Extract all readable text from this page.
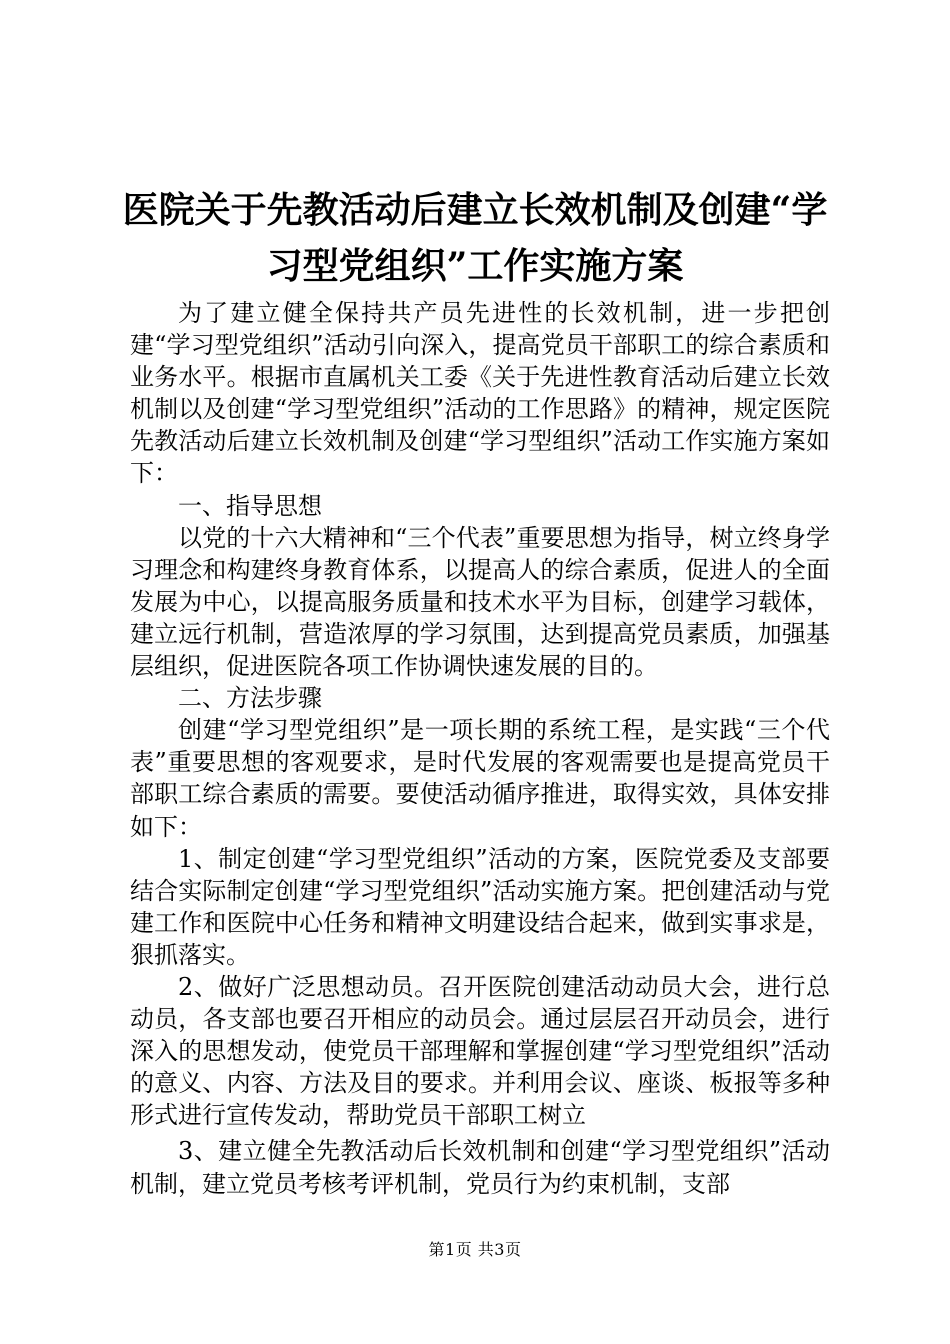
医院关于先教活动后建立长效机制及创建“学
习型党组织”工作实施方案

为了建立健全保持共产员先进性的长效机制，进一步把创建“学习型党组织”活动引向深入，提高党员干部职工的综合素质和业务水平。根据市直属机关工委《关于先进性教育活动后建立长效机制以及创建“学习型党组织”活动的工作思路》的精神，规定医院先教活动后建立长效机制及创建“学习型组织”活动工作实施方案如下：

一、指导思想

以党的十六大精神和“三个代表”重要思想为指导，树立终身学习理念和构建终身教育体系，以提高人的综合素质，促进人的全面发展为中心，以提高服务质量和技术水平为目标，创建学习载体，建立远行机制，营造浓厚的学习氛围，达到提高党员素质，加强基层组织，促进医院各项工作协调快速发展的目的。

二、方法步骤

创建“学习型党组织”是一项长期的系统工程，是实践“三个代表”重要思想的客观要求，是时代发展的客观需要也是提高党员干部职工综合素质的需要。要使活动循序推进，取得实效，具体安排如下：

1、制定创建“学习型党组织”活动的方案，医院党委及支部要结合实际制定创建“学习型党组织”活动实施方案。把创建活动与党建工作和医院中心任务和精神文明建设结合起来，做到实事求是，狠抓落实。

2、做好广泛思想动员。召开医院创建活动动员大会，进行总动员，各支部也要召开相应的动员会。通过层层召开动员会，进行深入的思想发动，使党员干部理解和掌握创建“学习型党组织”活动的意义、内容、方法及目的要求。并利用会议、座谈、板报等多种形式进行宣传发动，帮助党员干部职工树立

3、建立健全先教活动后长效机制和创建“学习型党组织”活动机制，建立党员考核考评机制，党员行为约束机制，支部

第1页 共3页
